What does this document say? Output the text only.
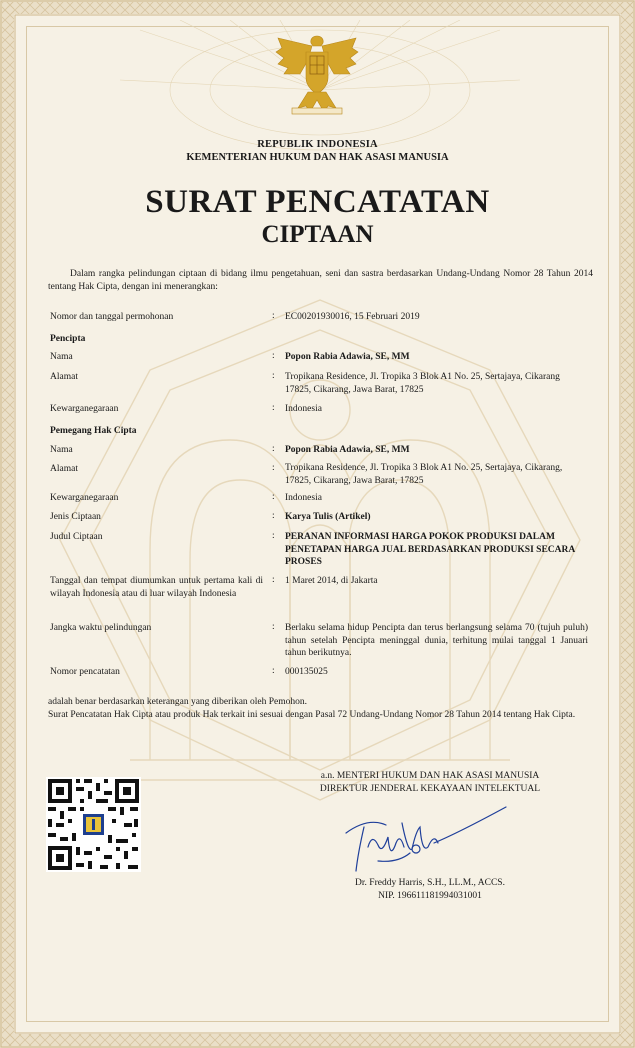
REPUBLIK INDONESIA
KEMENTERIAN HUKUM DAN HAK ASASI MANUSIA
SURAT PENCATATAN
CIPTAAN
Dalam rangka pelindungan ciptaan di bidang ilmu pengetahuan, seni dan sastra berdasarkan Undang-Undang Nomor 28 Tahun 2014 tentang Hak Cipta, dengan ini menerangkan:
Nomor dan tanggal permohonan	: EC00201930016, 15 Februari 2019
Pencipta
Nama	: Popon Rabia Adawia, SE, MM
Alamat	: Tropikana Residence, Jl. Tropika 3 Blok A1 No. 25, Sertajaya, Cikarang 17825, Cikarang, Jawa Barat, 17825
Kewarganegaraan	: Indonesia
Pemegang Hak Cipta
Nama	: Popon Rabia Adawia, SE, MM
Alamat	: Tropikana Residence, Jl. Tropika 3 Blok A1 No. 25, Sertajaya, Cikarang, 17825, Cikarang, Jawa Barat, 17825
Kewarganegaraan	: Indonesia
Jenis Ciptaan	: Karya Tulis (Artikel)
Judul Ciptaan	: PERANAN INFORMASI HARGA POKOK PRODUKSI DALAM PENETAPAN HARGA JUAL BERDASARKAN PRODUKSI SECARA PROSES
Tanggal dan tempat diumumkan untuk pertama kali di wilayah Indonesia atau di luar wilayah Indonesia
: 1 Maret 2014, di Jakarta
Jangka waktu pelindungan	: Berlaku selama hidup Pencipta dan terus berlangsung selama 70 (tujuh puluh) tahun setelah Pencipta meninggal dunia, terhitung mulai tanggal 1 Januari tahun berikutnya.
Nomor pencatatan	: 000135025
adalah benar berdasarkan keterangan yang diberikan oleh Pemohon.
Surat Pencatatan Hak Cipta atau produk Hak terkait ini sesuai dengan Pasal 72 Undang-Undang Nomor 28 Tahun 2014 tentang Hak Cipta.
a.n. MENTERI HUKUM DAN HAK ASASI MANUSIA
DIREKTUR JENDERAL KEKAYAAN INTELEKTUAL
Dr. Freddy Harris, S.H., LL.M., ACCS.
NIP. 196611181994031001
